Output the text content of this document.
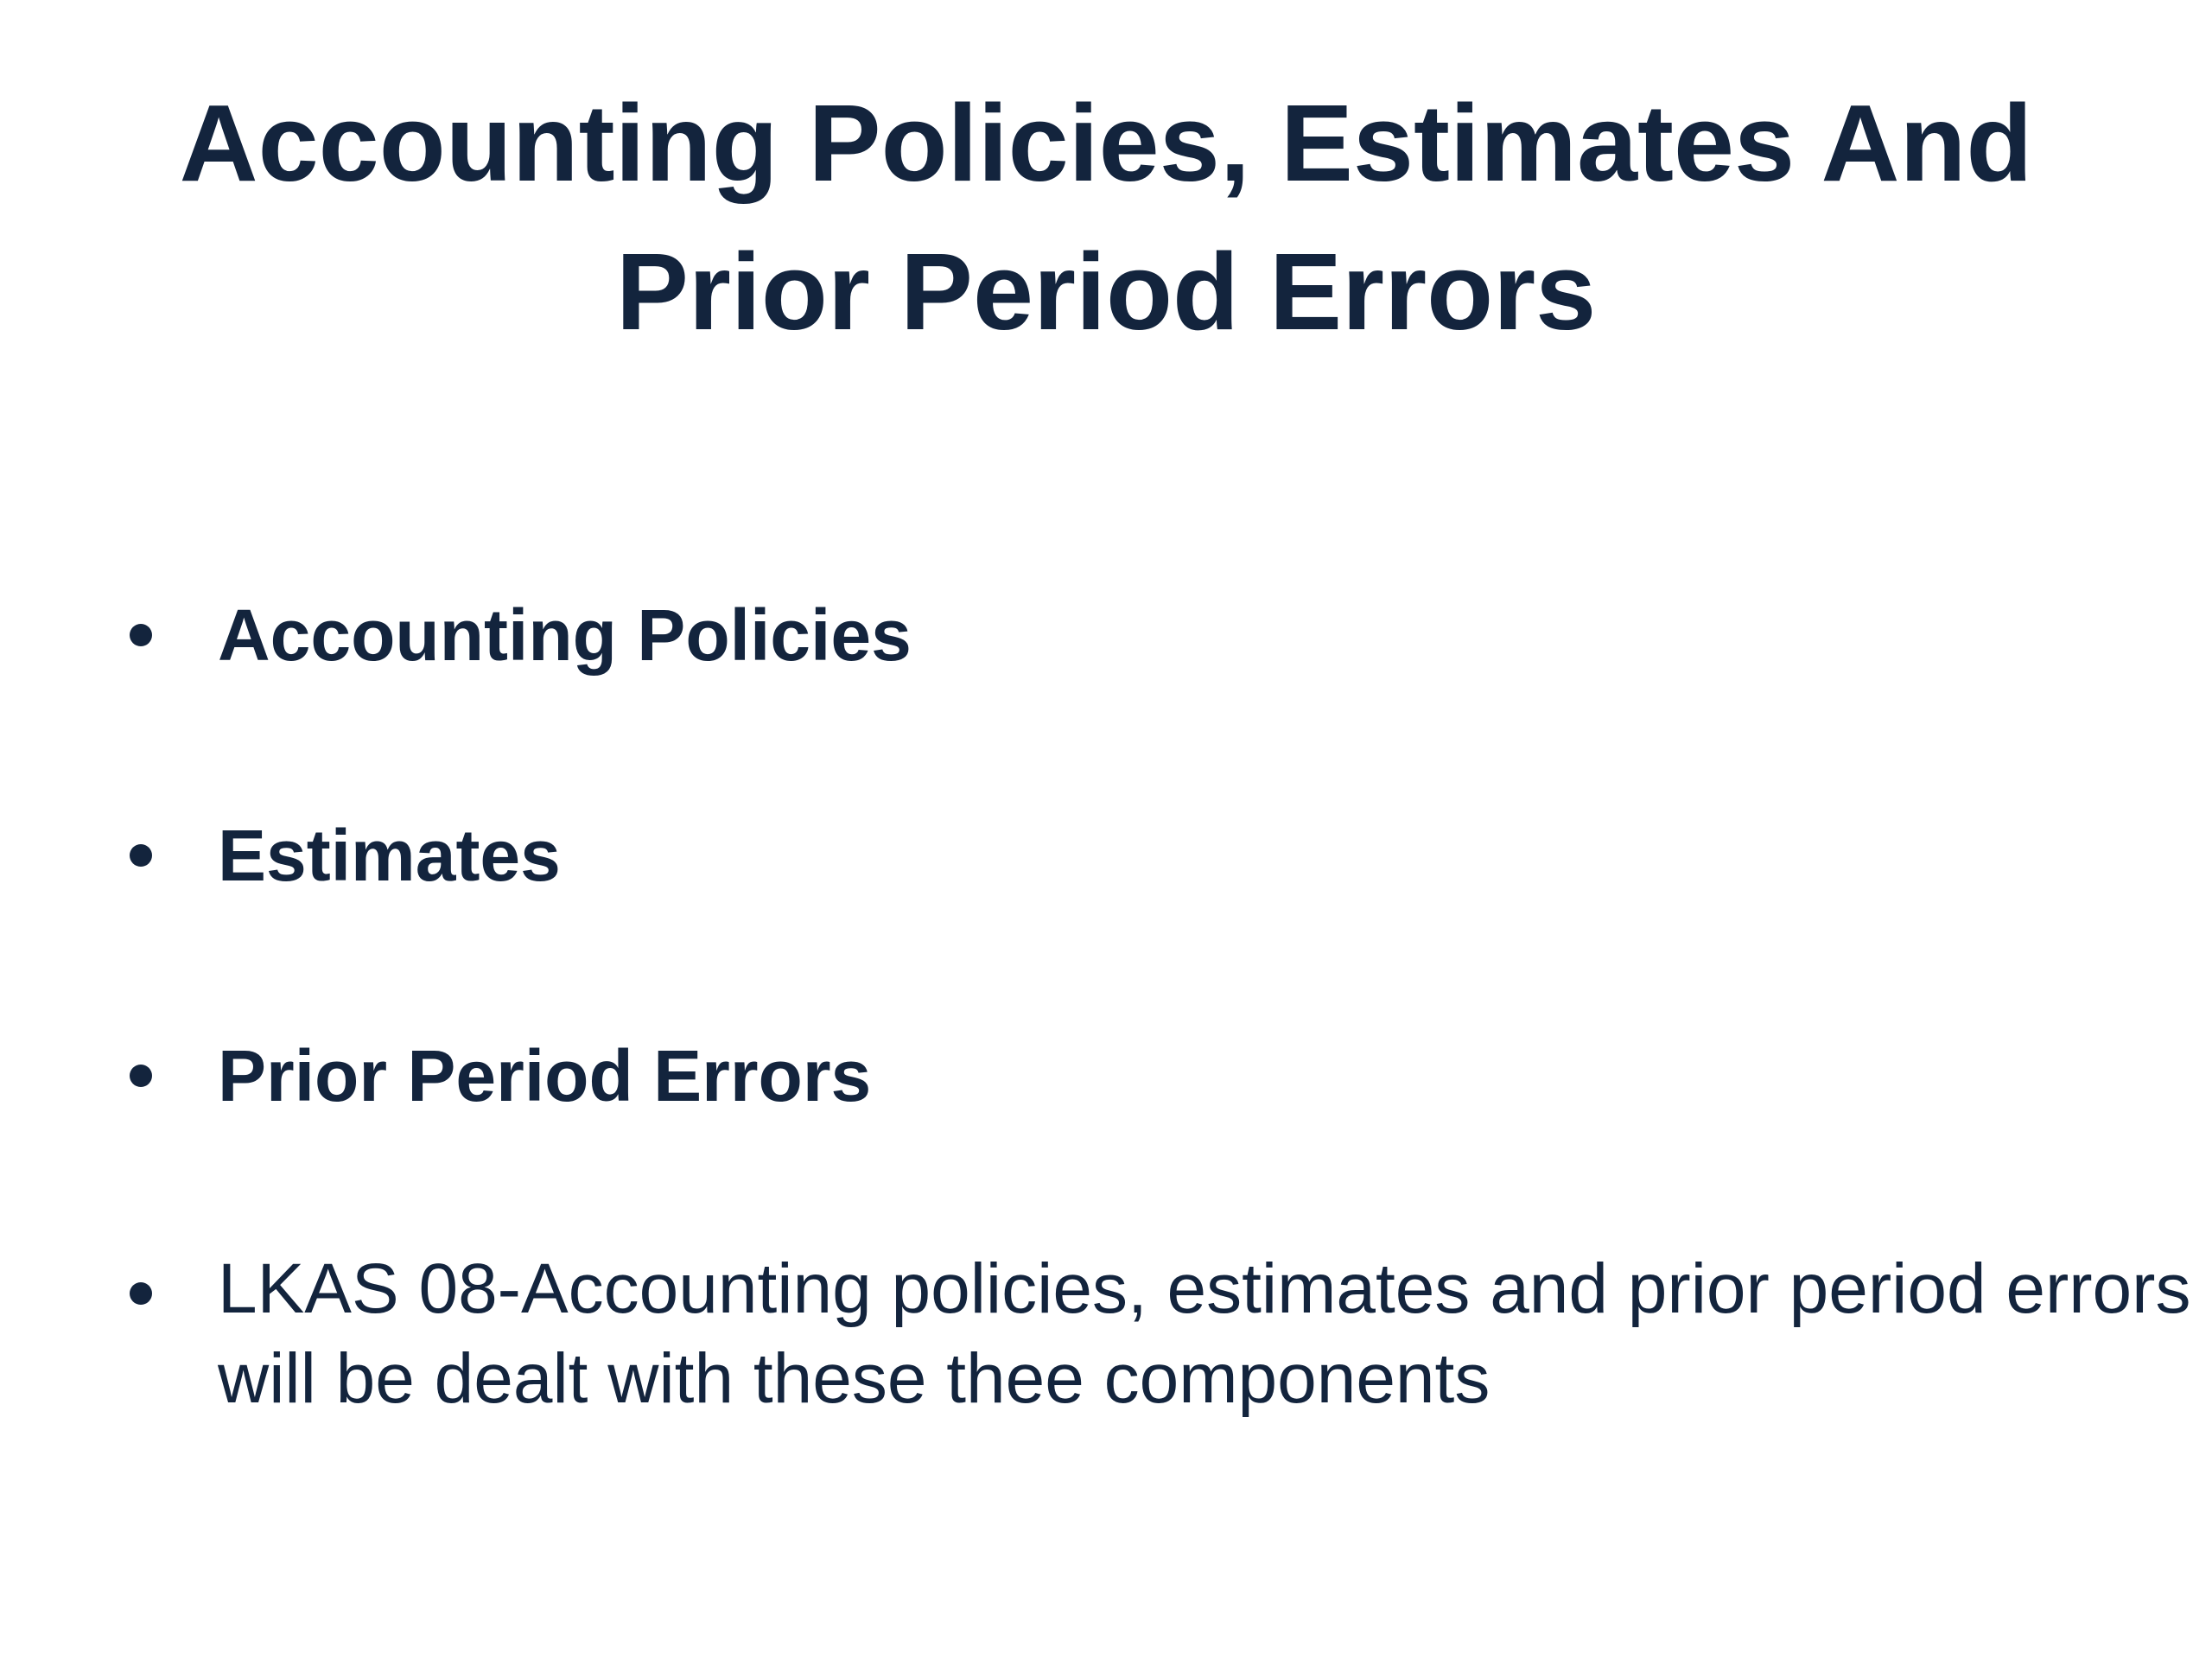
Accounting Policies, Estimates And
Prior Period Errors
Accounting Policies
Estimates
Prior Period Errors
LKAS 08-Accounting policies, estimates and prior period errors will be dealt with these thee components
